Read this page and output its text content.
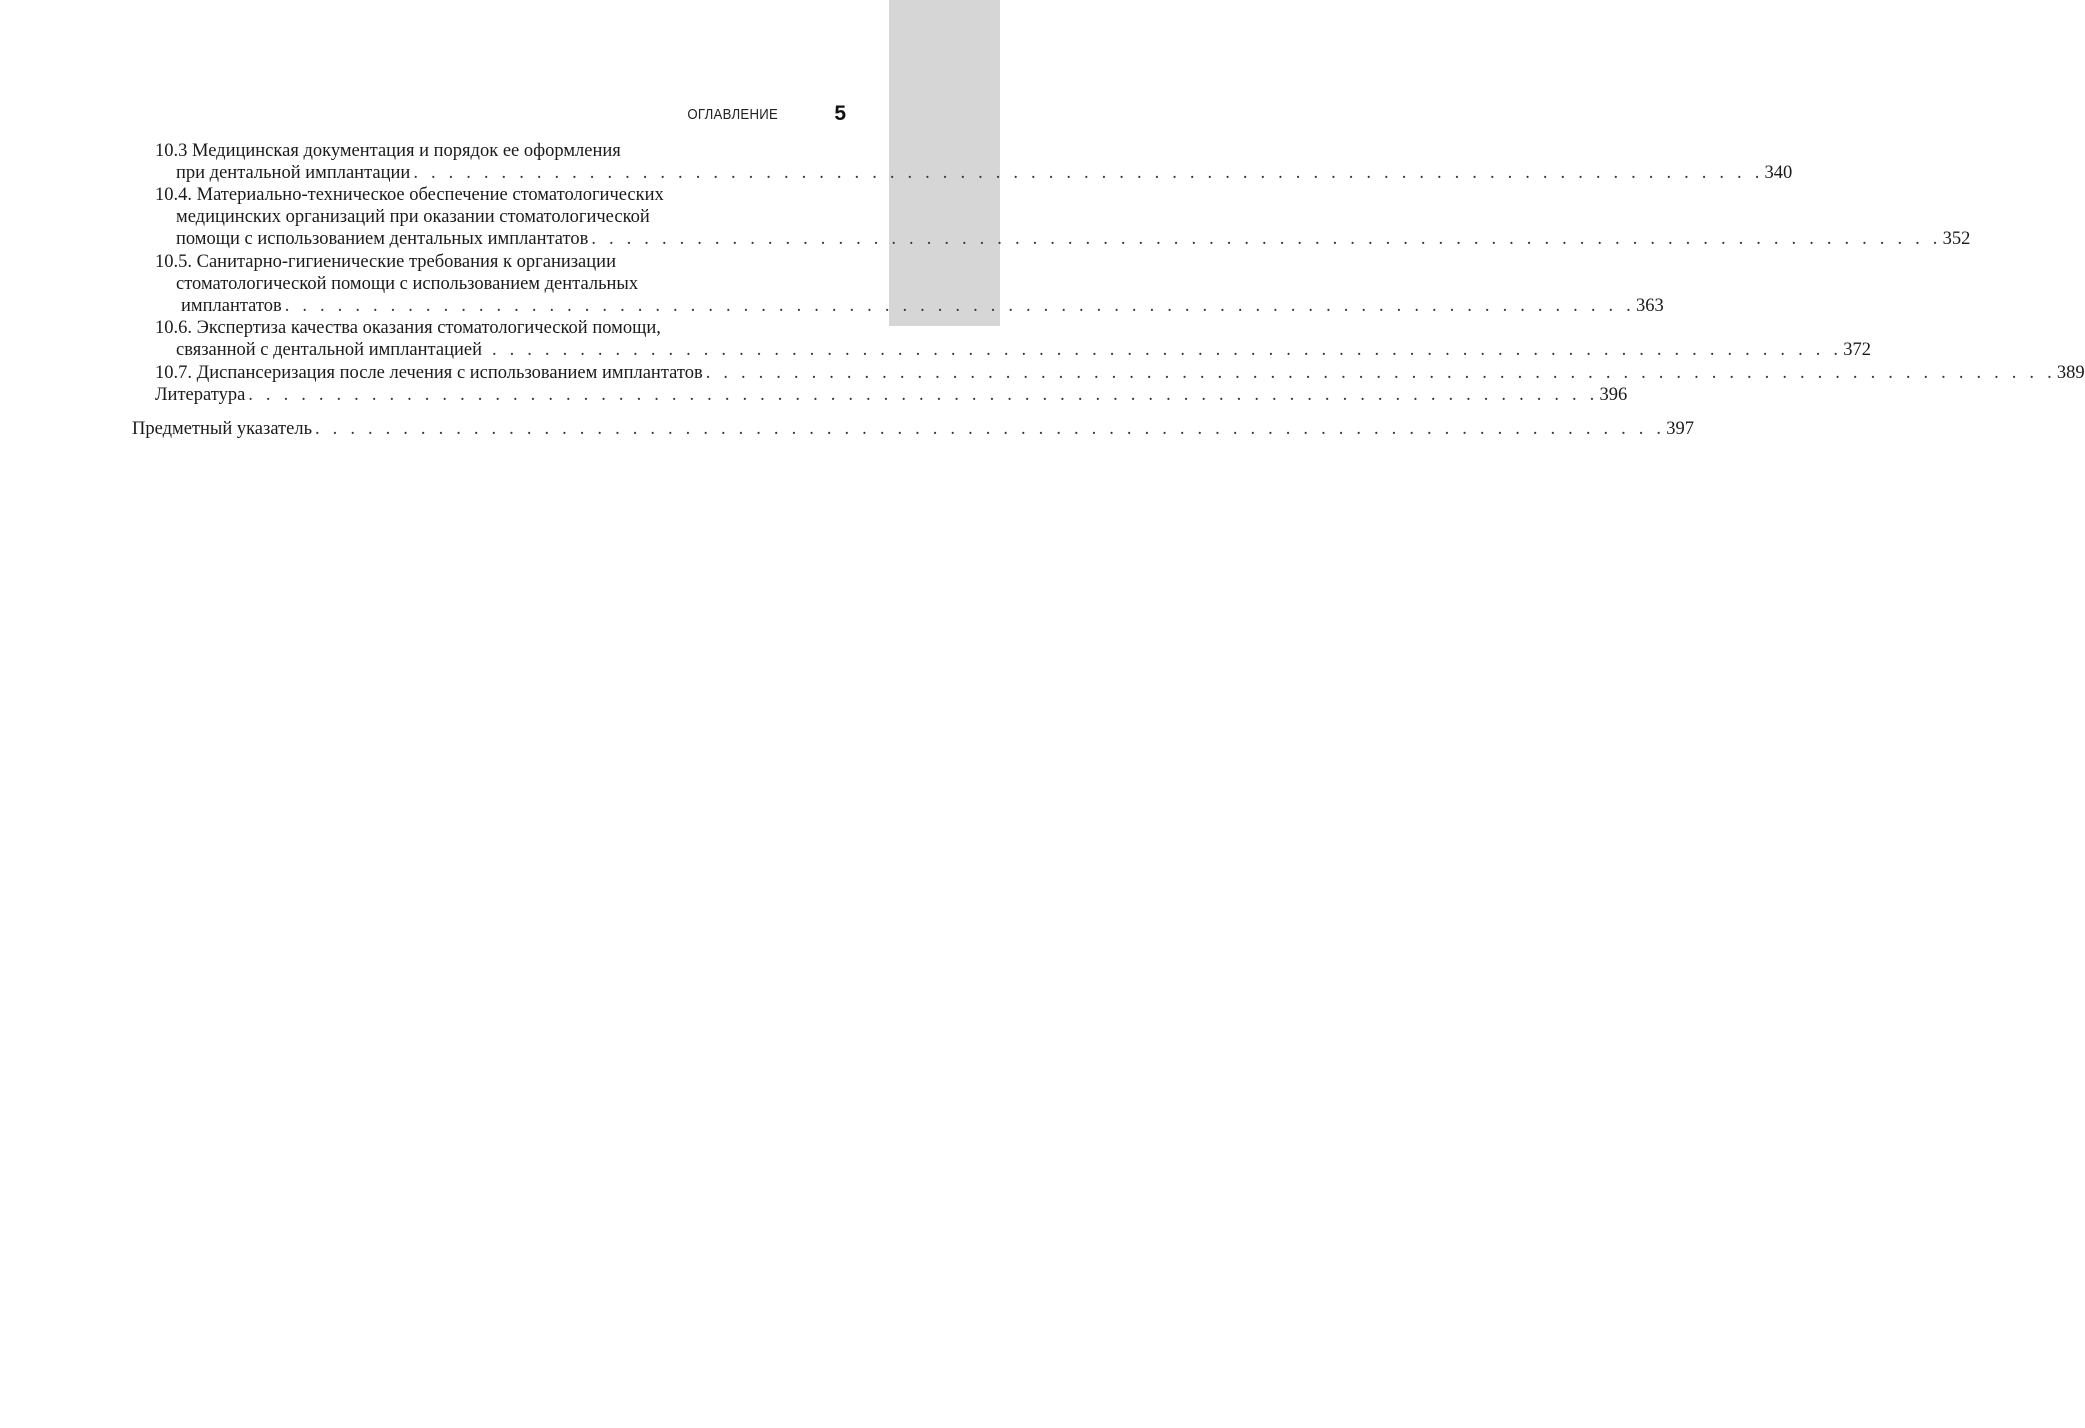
ОГЛАВЛЕНИЕ	5
10.3 Медицинская документация и порядок ее оформления
при дентальной имплантации . . . . . . . . . . . . . . . . . . . . . . . . . . . . . . . . . . . . . . . . . . . . . . . . . . . . . . . . . . . . . . . . . . . . . . . . . . . . . 340
10.4. Материально-техническое обеспечение стоматологических
медицинских организаций при оказании стоматологической
помощи с использованием дентальных имплантатов . . . . . . . . . . . . . . . . . . . . . . . . . . . . . . . . . . . . . . . . . . . . . . . . . . . . . . . . . . . . . . . . . . . . . . . . . . . . . 352
10.5. Санитарно-гигиенические требования к организации
стоматологической помощи с использованием дентальных
имплантатов . . . . . . . . . . . . . . . . . . . . . . . . . . . . . . . . . . . . . . . . . . . . . . . . . . . . . . . . . . . . . . . . . . . . . . . . . . . . . 363
10.6. Экспертиза качества оказания стоматологической помощи,
связанной с дентальной имплантацией . . . . . . . . . . . . . . . . . . . . . . . . . . . . . . . . . . . . . . . . . . . . . . . . . . . . . . . . . . . . . . . . . . . . . . . . . . . . . 372
10.7. Диспансеризация после лечения с использованием имплантатов . . . . . . . . . . . . . . . . . . . . . . . . . . . . . . . . . . . . . . . . . . . . . . . . . . . . . . . . . . . . . . . . . . . . . . . . . . . . . 389
Литература . . . . . . . . . . . . . . . . . . . . . . . . . . . . . . . . . . . . . . . . . . . . . . . . . . . . . . . . . . . . . . . . . . . . . . . . . . . . . 396
Предметный указатель . . . . . . . . . . . . . . . . . . . . . . . . . . . . . . . . . . . . . . . . . . . . . . . . . . . . . . . . . . . . . . . . . . . . . . . . . . . . . 397
